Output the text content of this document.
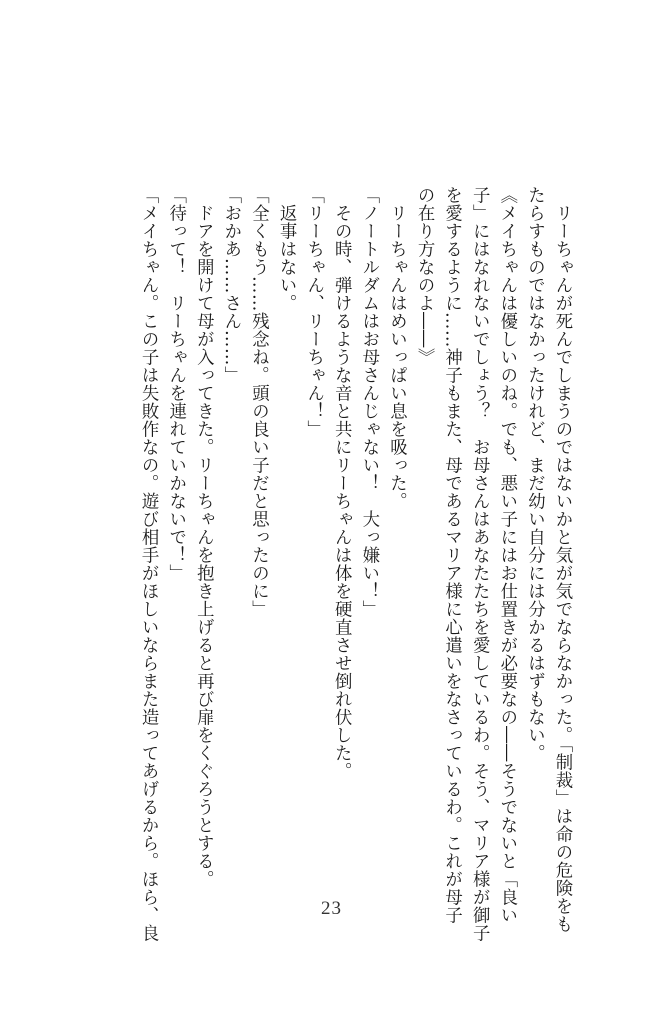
　リーちゃんが死んでしまうのではないかと気が気でならなかった。「制裁」は命の危険をも
たらすものではなかったけれど、まだ幼い自分には分かるはずもない。
《メイちゃんは優しいのね。でも、悪い子にはお仕置きが必要なの――そうでないと「良い
子」にはなれないでしょう？　お母さんはあなたたちを愛しているわ。そう、マリア様が御子
を愛するように……神子もまた、母であるマリア様に心遣いをなさっているわ。これが母子
の在り方なのよ――》
　リーちゃんはめいっぱい息を吸った。
「ノートルダムはお母さんじゃない！　大っ嫌い！」
　その時、弾けるような音と共にリーちゃんは体を硬直させ倒れ伏した。
「リーちゃん、リーちゃん！」
　返事はない。
「全くもう……残念ね。頭の良い子だと思ったのに」
「おかあ……さん……」
　ドアを開けて母が入ってきた。リーちゃんを抱き上げると再び扉をくぐろうとする。
「待って！　リーちゃんを連れていかないで！」
「メイちゃん。この子は失敗作なの。遊び相手がほしいならまた造ってあげるから。ほら、良	23
